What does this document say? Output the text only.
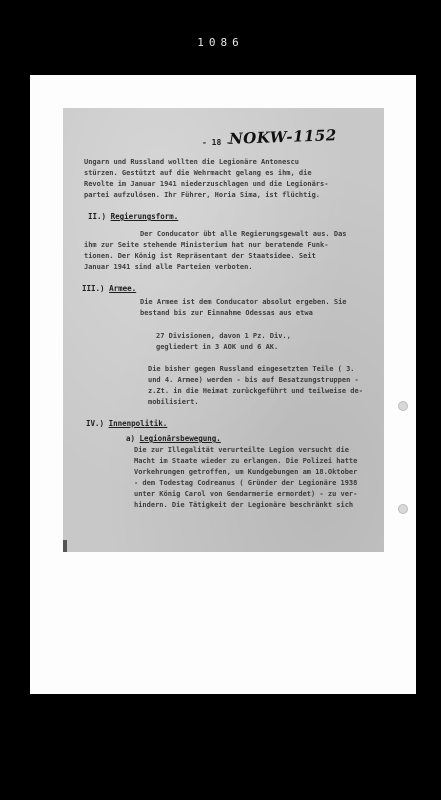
1086
- 18 -
NOKW-1152
Ungarn und Russland wollten die Legionäre Antonescu
stürzen. Gestützt auf die Wehrmacht gelang es ihm, die
Revolte im Januar 1941 niederzuschlagen und die Legionärs-
partei aufzulösen. Ihr Führer, Horia Sima, ist flüchtig.
II.) Regierungsform.
Der Conducator übt alle Regierungsgewalt aus. Das
ihm zur Seite stehende Ministerium hat nur beratende Funk-
tionen. Der König ist Repräsentant der Staatsidee. Seit
Januar 1941 sind alle Parteien verboten.
III.) Armee.
Die Armee ist dem Conducator absolut ergeben. Sie
bestand bis zur Einnahme Odessas aus etwa
27 Divisionen, davon 1 Pz. Div.,
gegliedert in 3 AOK und 6 AK.
Die bisher gegen Russland eingesetzten Teile ( 3.
und 4. Armee) werden - bis auf Besatzungstruppen -
z.Zt. in die Heimat zurückgeführt und teilweise de-
mobilisiert.
IV.) Innenpolitik.
a) Legionärsbewegung.
Die zur Illegalität verurteilte Legion versucht die
Macht im Staate wieder zu erlangen. Die Polizei hatte
Vorkehrungen getroffen, um Kundgebungen am 18.Oktober
- dem Todestag Codreanus ( Gründer der Legionäre 1938
unter König Carol von Gendarmerie ermordet) - zu ver-
hindern. Die Tätigkeit der Legionäre beschränkt sich
